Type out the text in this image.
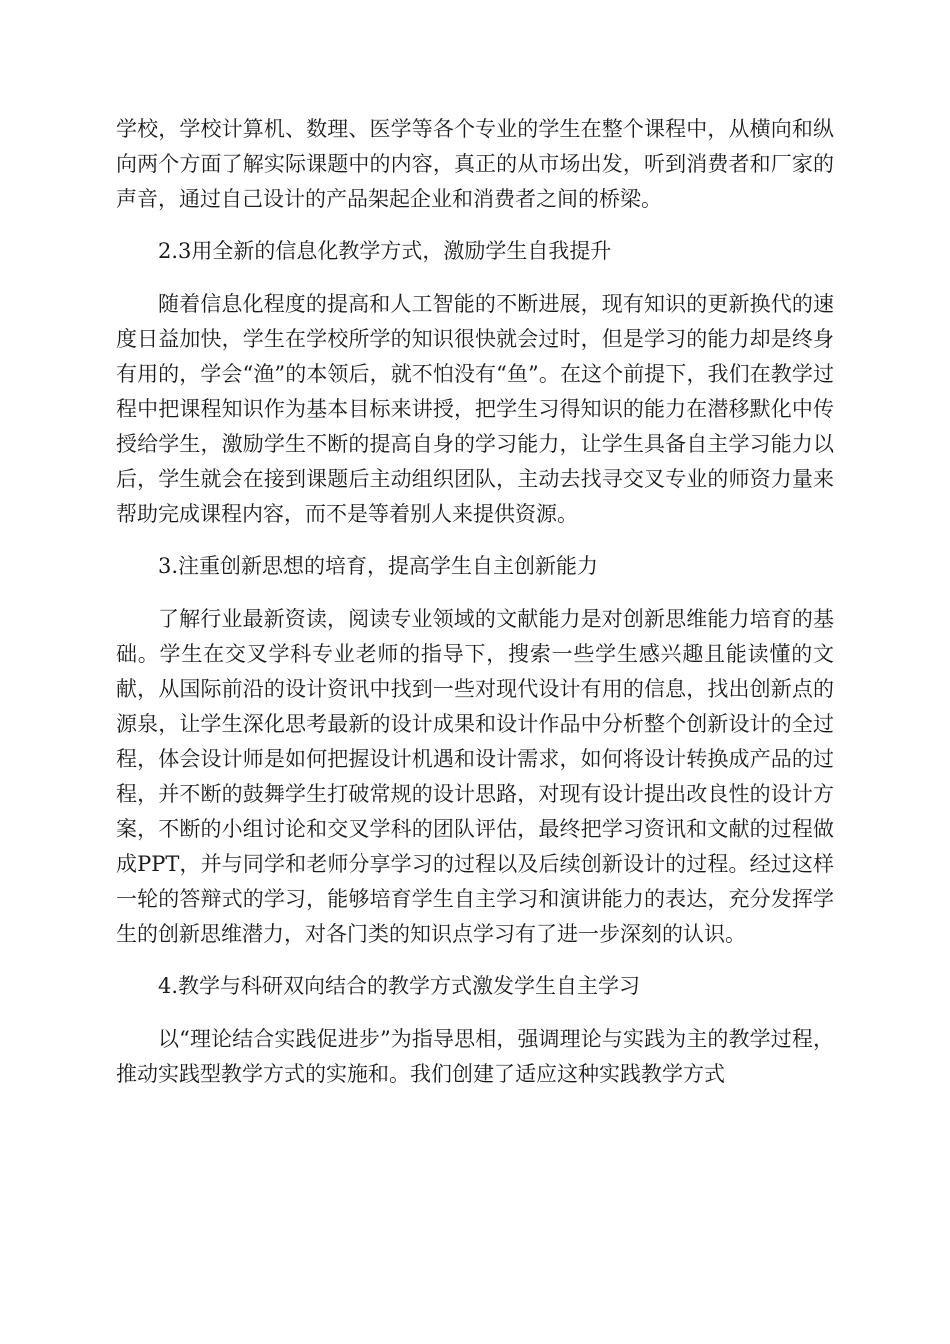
学校，学校计算机、数理、医学等各个专业的学生在整个课程中，从横向和纵向两个方面了解实际课题中的内容，真正的从市场出发，听到消费者和厂家的声音，通过自己设计的产品架起企业和消费者之间的桥梁。

2.3用全新的信息化教学方式，激励学生自我提升

随着信息化程度的提高和人工智能的不断进展，现有知识的更新换代的速度日益加快，学生在学校所学的知识很快就会过时，但是学习的能力却是终身有用的，学会“渔”的本领后，就不怕没有“鱼”。在这个前提下，我们在教学过程中把课程知识作为基本目标来讲授，把学生习得知识的能力在潜移默化中传授给学生，激励学生不断的提高自身的学习能力，让学生具备自主学习能力以后，学生就会在接到课题后主动组织团队，主动去找寻交叉专业的师资力量来帮助完成课程内容，而不是等着别人来提供资源。

3.注重创新思想的培育，提高学生自主创新能力

了解行业最新资读，阅读专业领域的文献能力是对创新思维能力培育的基础。学生在交叉学科专业老师的指导下，搜索一些学生感兴趣且能读懂的文献，从国际前沿的设计资讯中找到一些对现代设计有用的信息，找出创新点的源泉，让学生深化思考最新的设计成果和设计作品中分析整个创新设计的全过程，体会设计师是如何把握设计机遇和设计需求，如何将设计转换成产品的过程，并不断的鼓舞学生打破常规的设计思路，对现有设计提出改良性的设计方案，不断的小组讨论和交叉学科的团队评估，最终把学习资讯和文献的过程做成PPT，并与同学和老师分享学习的过程以及后续创新设计的过程。经过这样一轮的答辩式的学习，能够培育学生自主学习和演讲能力的表达，充分发挥学生的创新思维潜力，对各门类的知识点学习有了进一步深刻的认识。

4.教学与科研双向结合的教学方式激发学生自主学习

以“理论结合实践促进步”为指导思相，强调理论与实践为主的教学过程，推动实践型教学方式的实施和。我们创建了适应这种实践教学方式
